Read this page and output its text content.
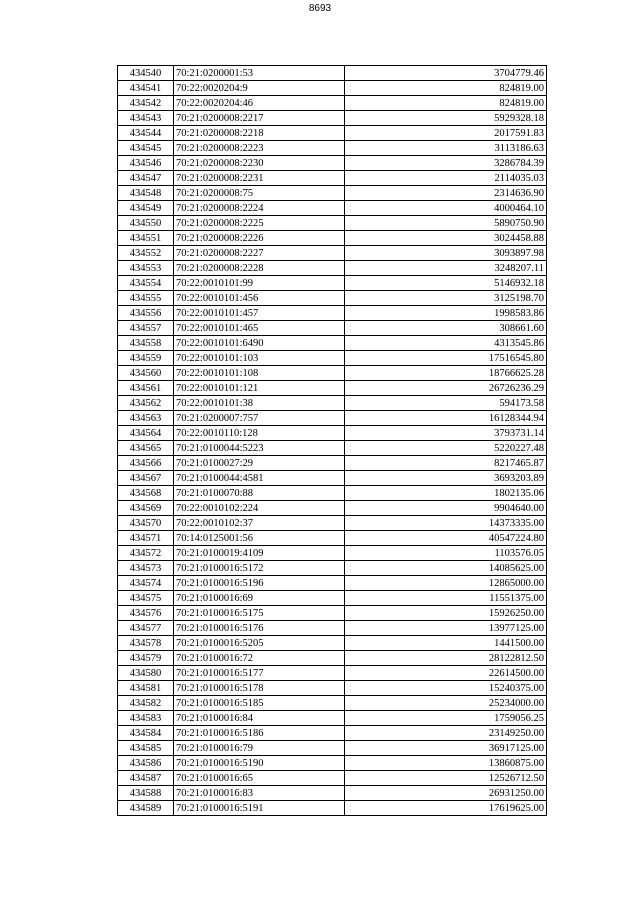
8693
434540	70:21:0200001:53	3704779.46
434541	70:22:0020204:9	824819.00
434542	70:22:0020204:46	824819.00
434543	70:21:0200008:2217	5929328.18
434544	70:21:0200008:2218	2017591.83
434545	70:21:0200008:2223	3113186.63
434546	70:21:0200008:2230	3286784.39
434547	70:21:0200008:2231	2114035.03
434548	70:21:0200008:75	2314636.90
434549	70:21:0200008:2224	4000464.10
434550	70:21:0200008:2225	5890750.90
434551	70:21:0200008:2226	3024458.88
434552	70:21:0200008:2227	3093897.98
434553	70:21:0200008:2228	3248207.11
434554	70:22:0010101:99	5146932.18
434555	70:22:0010101:456	3125198.70
434556	70:22:0010101:457	1998583.86
434557	70:22:0010101:465	308661.60
434558	70:22:0010101:6490	4313545.86
434559	70:22:0010101:103	17516545.80
434560	70:22:0010101:108	18766625.28
434561	70:22:0010101:121	26726236.29
434562	70:22:0010101:38	594173.58
434563	70:21:0200007:757	16128344.94
434564	70:22:0010110:128	3793731.14
434565	70:21:0100044:5223	5220227.48
434566	70:21:0100027:29	8217465.87
434567	70:21:0100044:4581	3693203.89
434568	70:21:0100070:88	1802135.06
434569	70:22:0010102:224	9904640.00
434570	70:22:0010102:37	14373335.00
434571	70:14:0125001:56	40547224.80
434572	70:21:0100019:4109	1103576.05
434573	70:21:0100016:5172	14085625.00
434574	70:21:0100016:5196	12865000.00
434575	70:21:0100016:69	11551375.00
434576	70:21:0100016:5175	15926250.00
434577	70:21:0100016:5176	13977125.00
434578	70:21:0100016:5205	1441500.00
434579	70:21:0100016:72	28122812.50
434580	70:21:0100016:5177	22614500.00
434581	70:21:0100016:5178	15240375.00
434582	70:21:0100016:5185	25234000.00
434583	70:21:0100016:84	1759056.25
434584	70:21:0100016:5186	23149250.00
434585	70:21:0100016:79	36917125.00
434586	70:21:0100016:5190	13860875.00
434587	70:21:0100016:65	12526712.50
434588	70:21:0100016:83	26931250.00
434589	70:21:0100016:5191	17619625.00
